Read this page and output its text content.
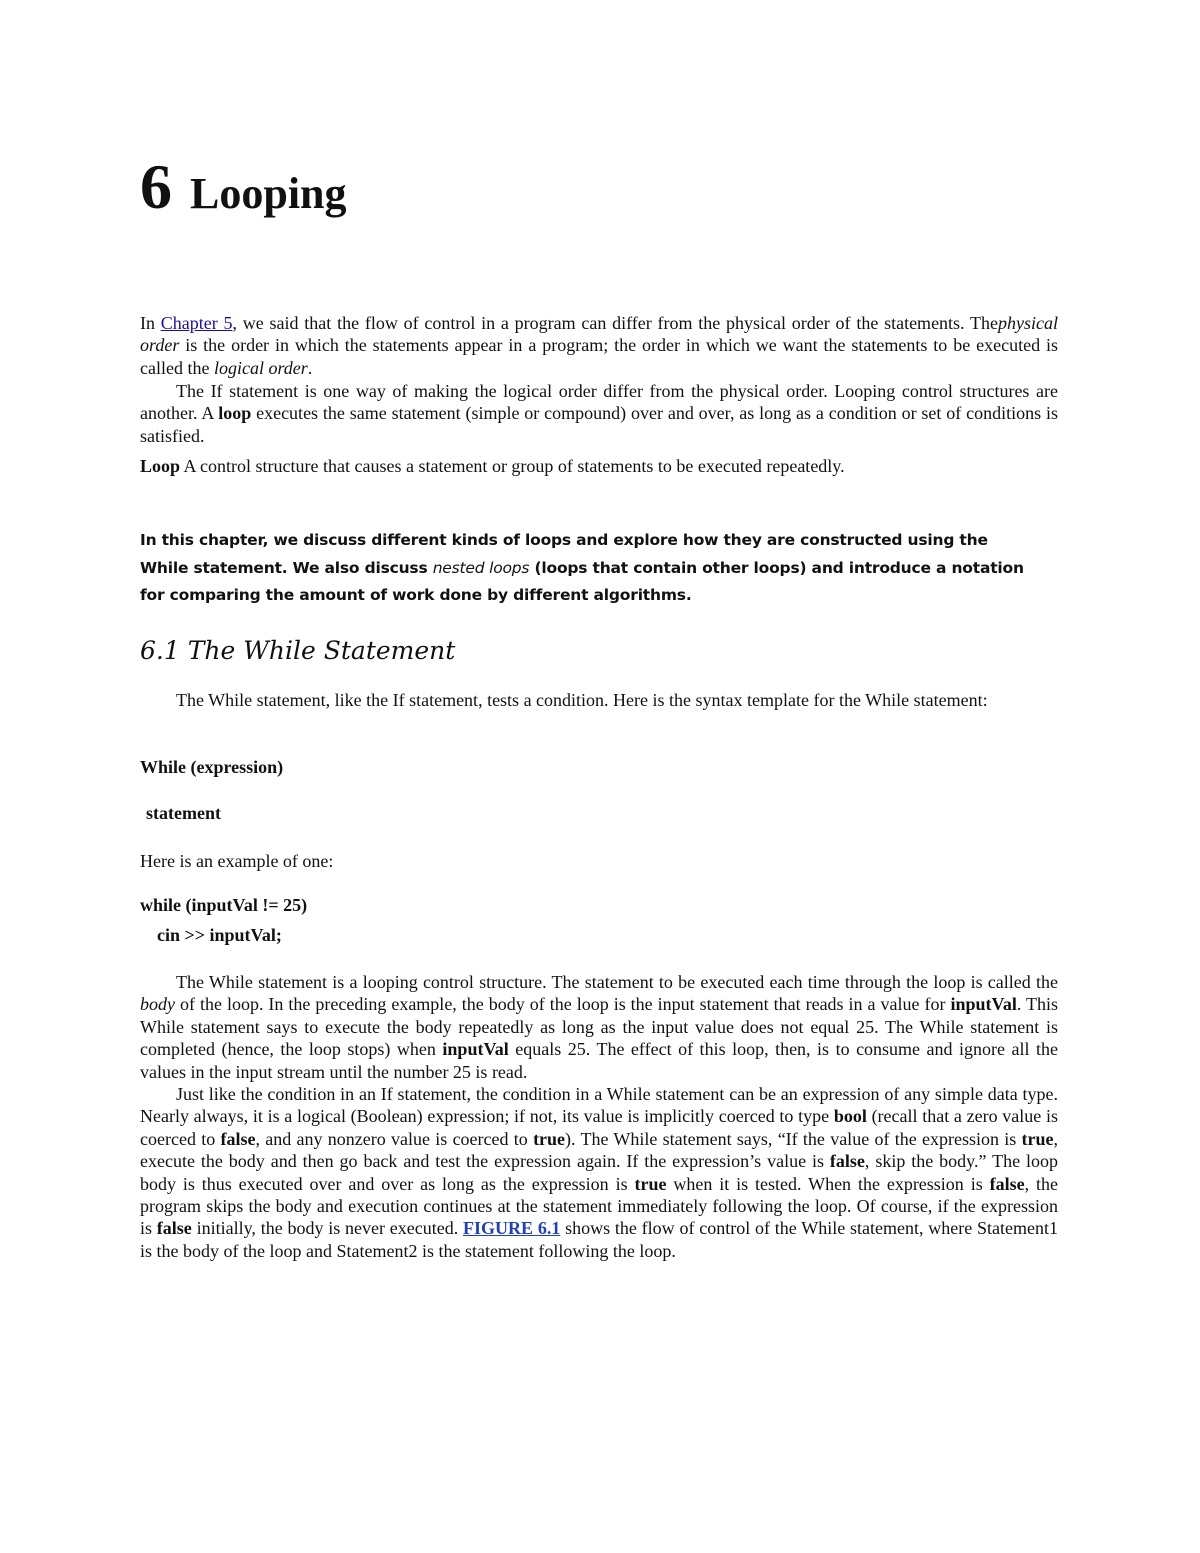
6 Looping

In Chapter 5, we said that the flow of control in a program can differ from the physical order of the statements. Thephysical order is the order in which the statements appear in a program; the order in which we want the statements to be executed is called the logical order.

The If statement is one way of making the logical order differ from the physical order. Looping control structures are another. A loop executes the same statement (simple or compound) over and over, as long as a condition or set of conditions is satisfied.

Loop A control structure that causes a statement or group of statements to be executed repeatedly.

In this chapter, we discuss different kinds of loops and explore how they are constructed using the While statement. We also discuss nested loops (loops that contain other loops) and introduce a notation for comparing the amount of work done by different algorithms.

6.1 The While Statement

The While statement, like the If statement, tests a condition. Here is the syntax template for the While statement:

While (expression)

statement

Here is an example of one:

while (inputVal != 25)

cin >> inputVal;

The While statement is a looping control structure. The statement to be executed each time through the loop is called the body of the loop. In the preceding example, the body of the loop is the input statement that reads in a value for inputVal. This While statement says to execute the body repeatedly as long as the input value does not equal 25. The While statement is completed (hence, the loop stops) when inputVal equals 25. The effect of this loop, then, is to consume and ignore all the values in the input stream until the number 25 is read.

Just like the condition in an If statement, the condition in a While statement can be an expression of any simple data type. Nearly always, it is a logical (Boolean) expression; if not, its value is implicitly coerced to type bool (recall that a zero value is coerced to false, and any nonzero value is coerced to true). The While statement says, “If the value of the expression is true, execute the body and then go back and test the expression again. If the expression’s value is false, skip the body.” The loop body is thus executed over and over as long as the expression is true when it is tested. When the expression is false, the program skips the body and execution continues at the statement immediately following the loop. Of course, if the expression is false initially, the body is never executed. FIGURE 6.1 shows the flow of control of the While statement, where Statement1 is the body of the loop and Statement2 is the statement following the loop.
